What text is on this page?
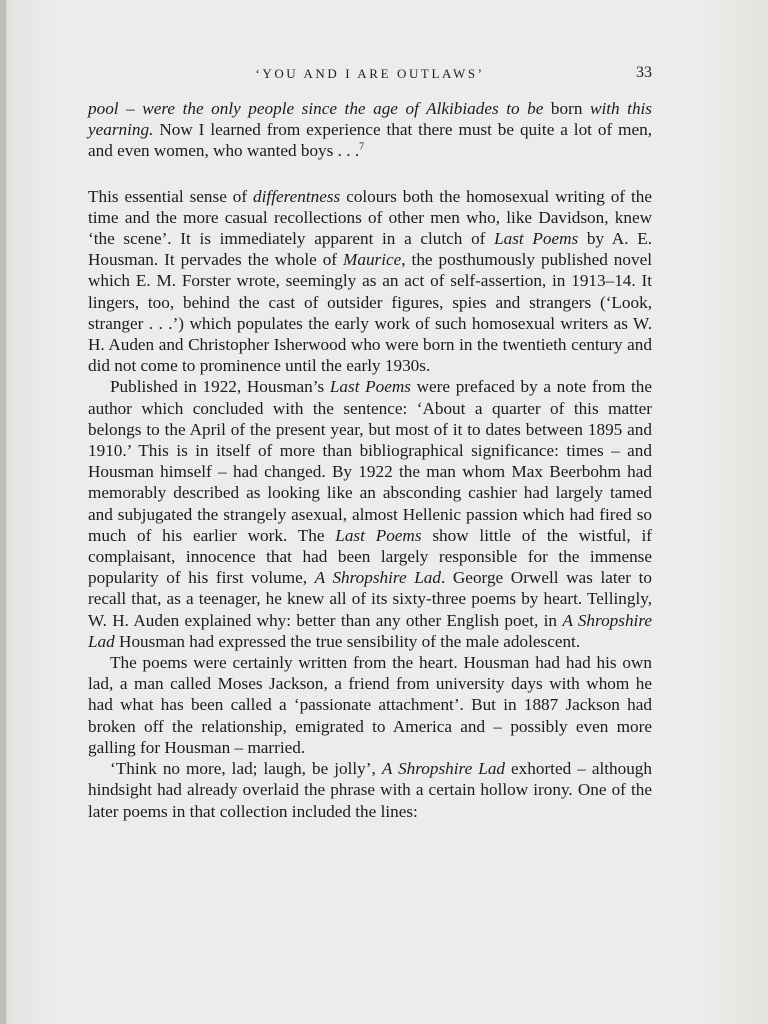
‘YOU AND I ARE OUTLAWS’	33

pool – were the only people since the age of Alkibiades to be born with this yearning. Now I learned from experience that there must be quite a lot of men, and even women, who wanted boys . . .$^7$

This essential sense of differentness colours both the homosexual writing of the time and the more casual recollections of other men who, like Davidson, knew ‘the scene’. It is immediately apparent in a clutch of Last Poems by A. E. Housman. It pervades the whole of Maurice, the posthumously published novel which E. M. Forster wrote, seemingly as an act of self-assertion, in 1913–14. It lingers, too, behind the cast of outsider figures, spies and strangers (‘Look, stranger . . .’) which populates the early work of such homosexual writers as W. H. Auden and Christopher Isherwood who were born in the twentieth century and did not come to prominence until the early 1930s.

Published in 1922, Housman’s Last Poems were prefaced by a note from the author which concluded with the sentence: ‘About a quarter of this matter belongs to the April of the present year, but most of it to dates between 1895 and 1910.’ This is in itself of more than bibliographical significance: times – and Housman himself – had changed. By 1922 the man whom Max Beerbohm had memorably described as looking like an absconding cashier had largely tamed and subjugated the strangely asexual, almost Hellenic passion which had fired so much of his earlier work. The Last Poems show little of the wistful, if complaisant, innocence that had been largely responsible for the immense popularity of his first volume, A Shropshire Lad. George Orwell was later to recall that, as a teenager, he knew all of its sixty-three poems by heart. Tellingly, W. H. Auden explained why: better than any other English poet, in A Shropshire Lad Housman had expressed the true sensibility of the male adolescent.

The poems were certainly written from the heart. Housman had had his own lad, a man called Moses Jackson, a friend from university days with whom he had what has been called a ‘passionate attachment’. But in 1887 Jackson had broken off the relationship, emigrated to America and – possibly even more galling for Housman – married.

‘Think no more, lad; laugh, be jolly’, A Shropshire Lad exhorted – although hindsight had already overlaid the phrase with a certain hollow irony. One of the later poems in that collection included the lines:
